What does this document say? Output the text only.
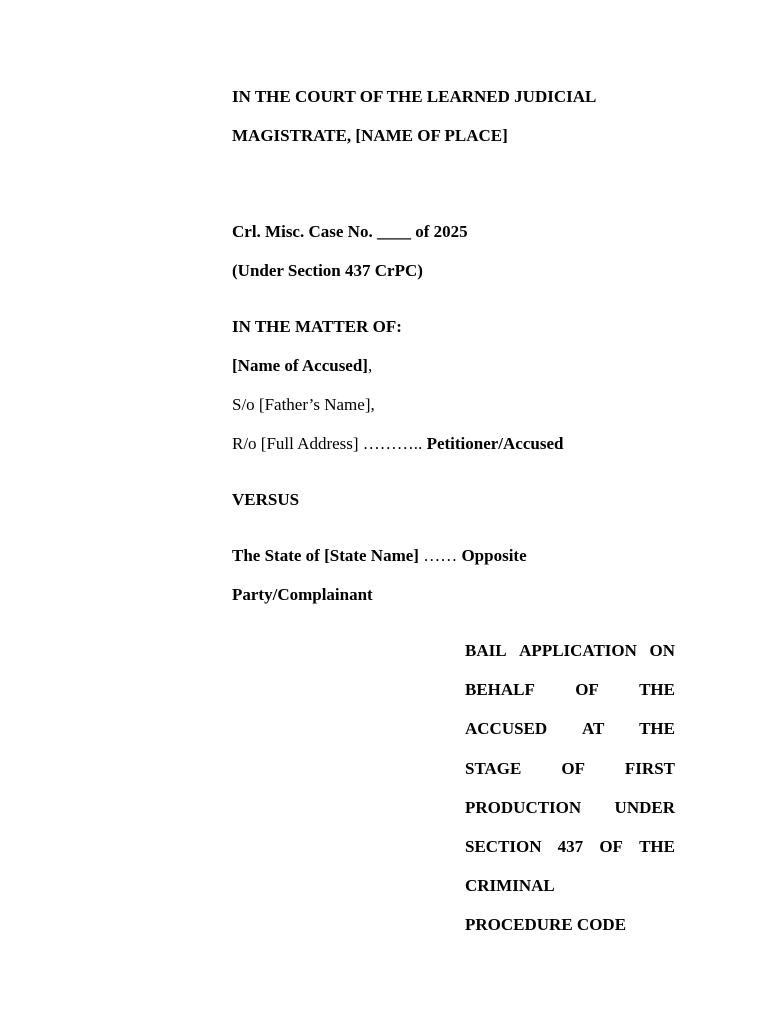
IN THE COURT OF THE LEARNED JUDICIAL
MAGISTRATE, [NAME OF PLACE]
Crl. Misc. Case No. ____ of 2025
(Under Section 437 CrPC)
IN THE MATTER OF:
[Name of Accused],
S/o [Father’s Name],
R/o [Full Address] ……….. Petitioner/Accused
VERSUS
The State of [State Name] …… Opposite
Party/Complainant
BAIL APPLICATION ON
BEHALF OF THE
ACCUSED AT THE
STAGE OF FIRST
PRODUCTION UNDER
SECTION 437 OF THE
CRIMINAL
PROCEDURE CODE
